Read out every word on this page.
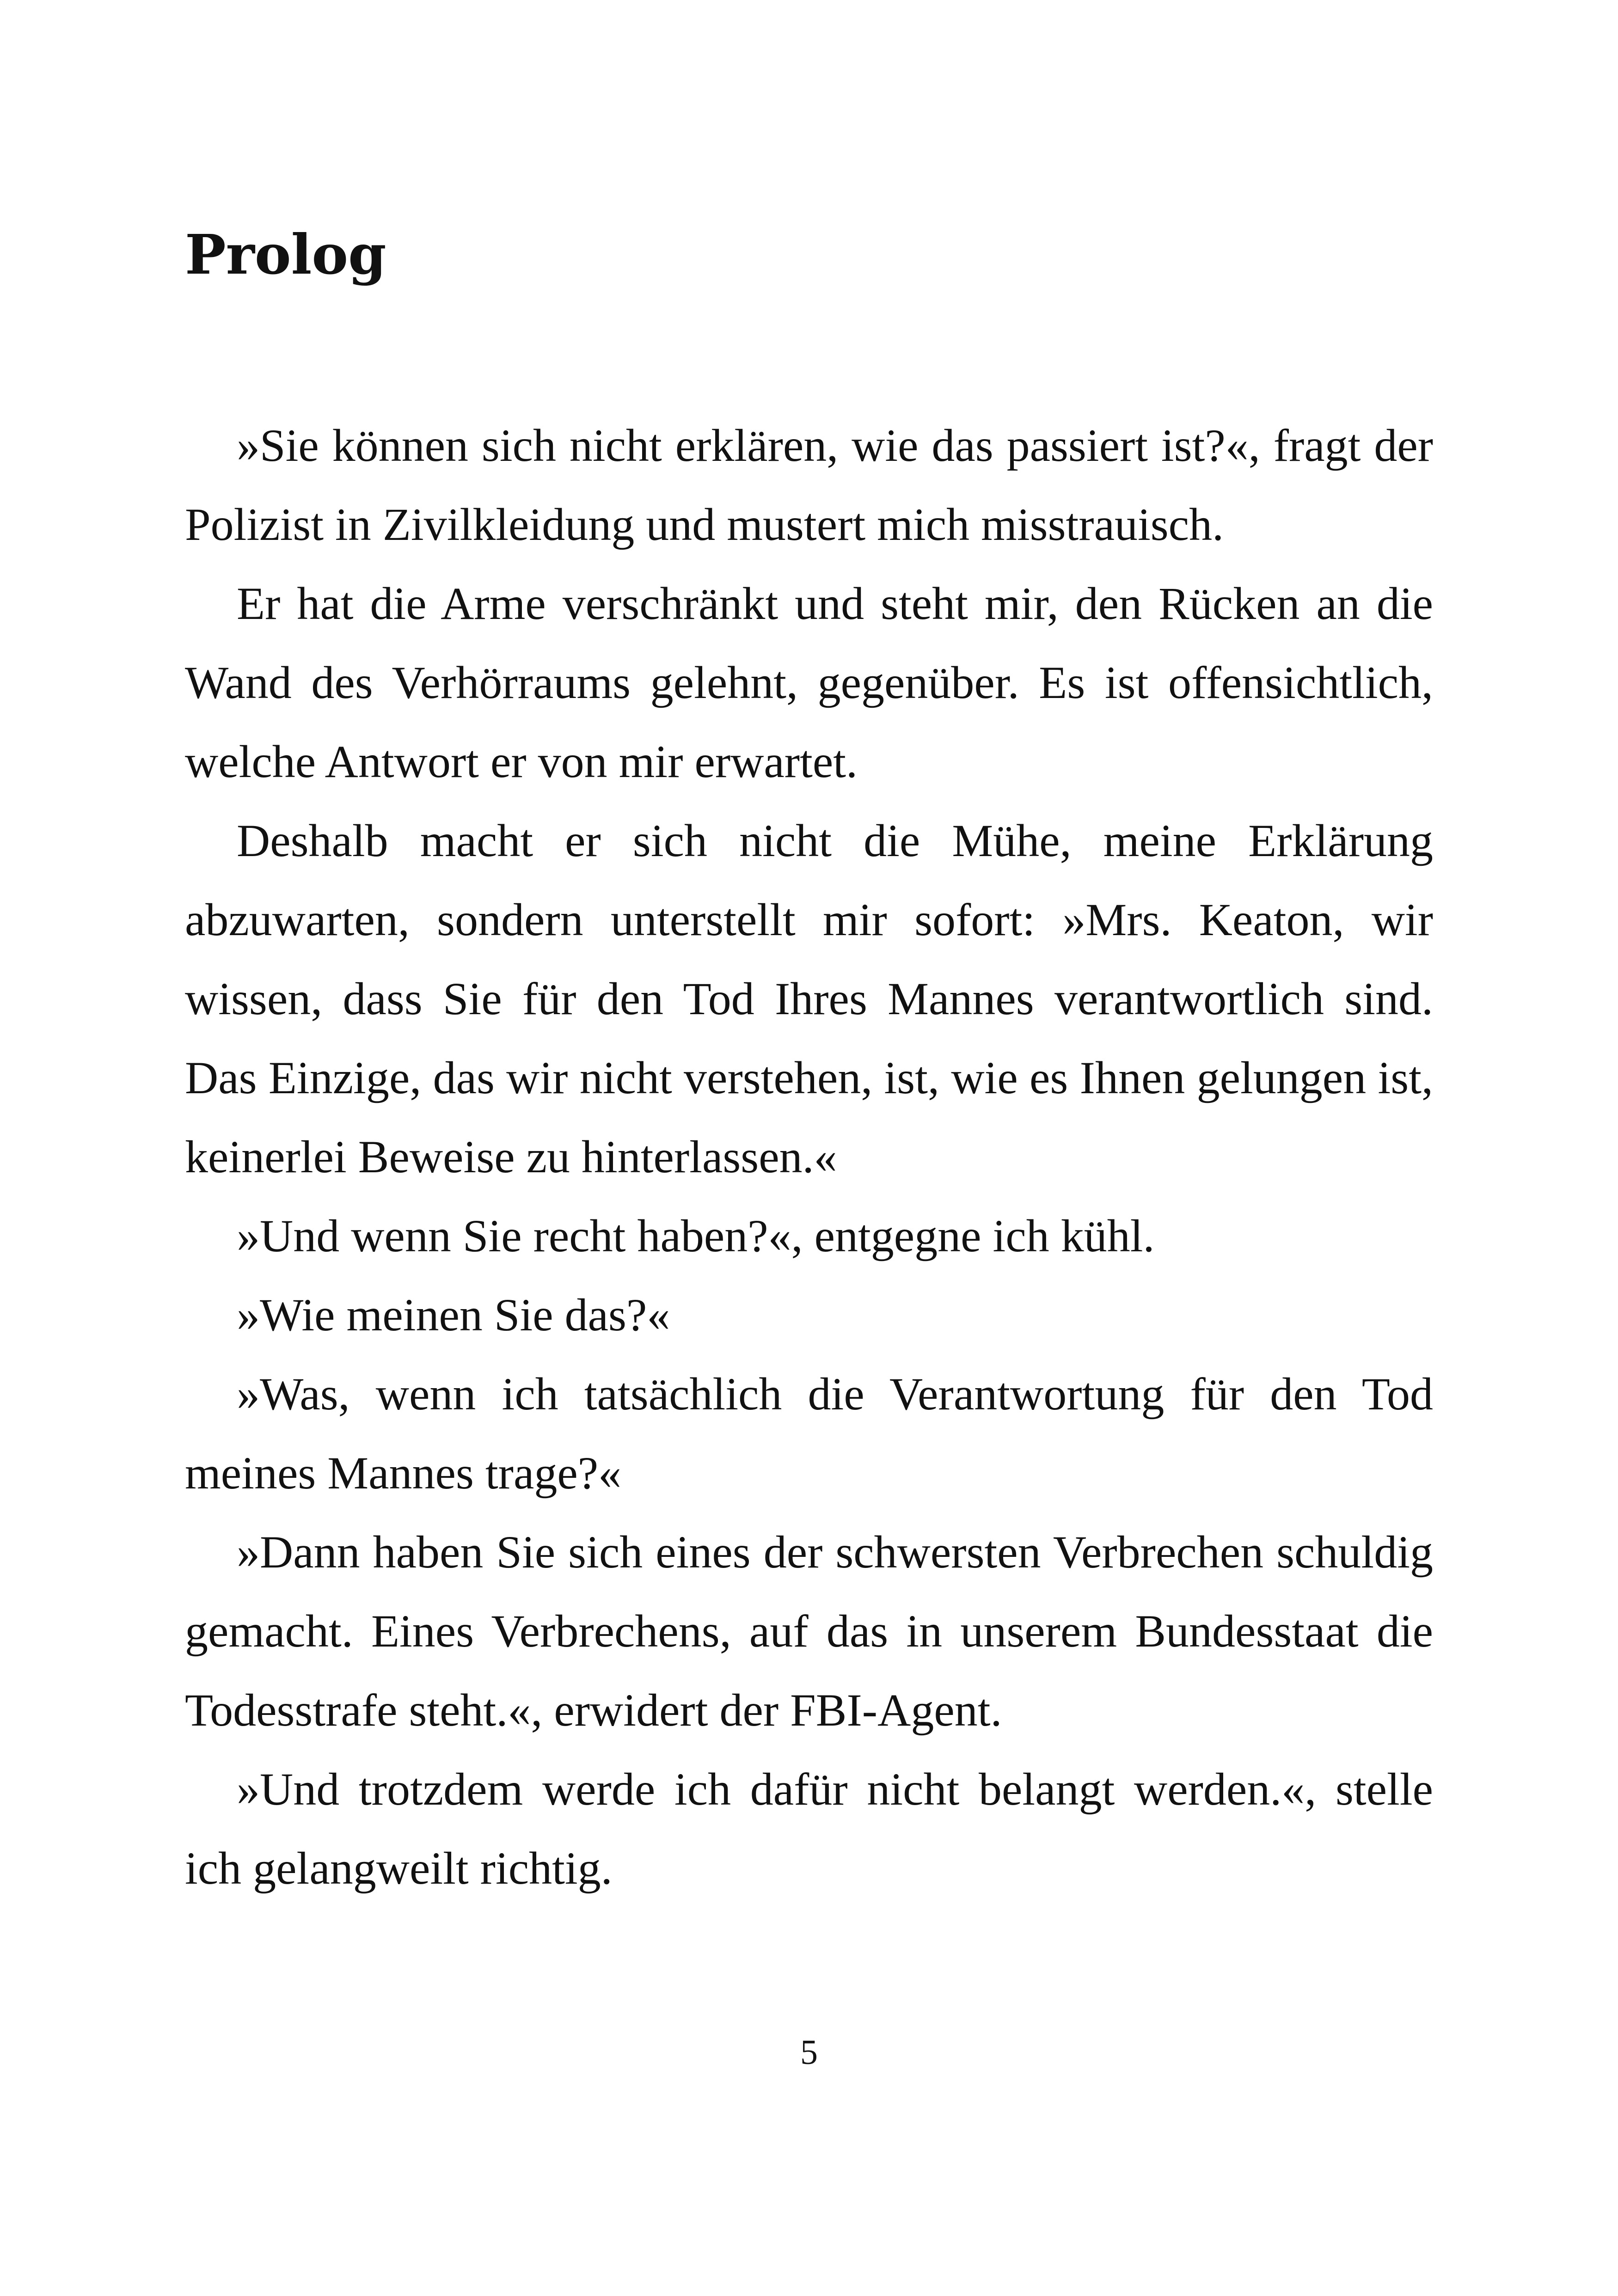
Prolog

»Sie können sich nicht erklären, wie das passiert ist?«, fragt der Polizist in Zivilkleidung und mustert mich misstrauisch.

Er hat die Arme verschränkt und steht mir, den Rücken an die Wand des Verhörraums gelehnt, gegenüber. Es ist offensichtlich, welche Antwort er von mir erwartet.

Deshalb macht er sich nicht die Mühe, meine Erklärung abzuwarten, sondern unterstellt mir sofort: »Mrs. Keaton, wir wissen, dass Sie für den Tod Ihres Mannes verantwortlich sind. Das Einzige, das wir nicht verstehen, ist, wie es Ihnen gelungen ist, keinerlei Beweise zu hinterlassen.«

»Und wenn Sie recht haben?«, entgegne ich kühl.

»Wie meinen Sie das?«

»Was, wenn ich tatsächlich die Verantwortung für den Tod meines Mannes trage?«

»Dann haben Sie sich eines der schwersten Verbrechen schuldig gemacht. Eines Verbrechens, auf das in unserem Bundesstaat die Todesstrafe steht.«, erwidert der FBI-Agent.

»Und trotzdem werde ich dafür nicht belangt werden.«, stelle ich gelangweilt richtig.

5
